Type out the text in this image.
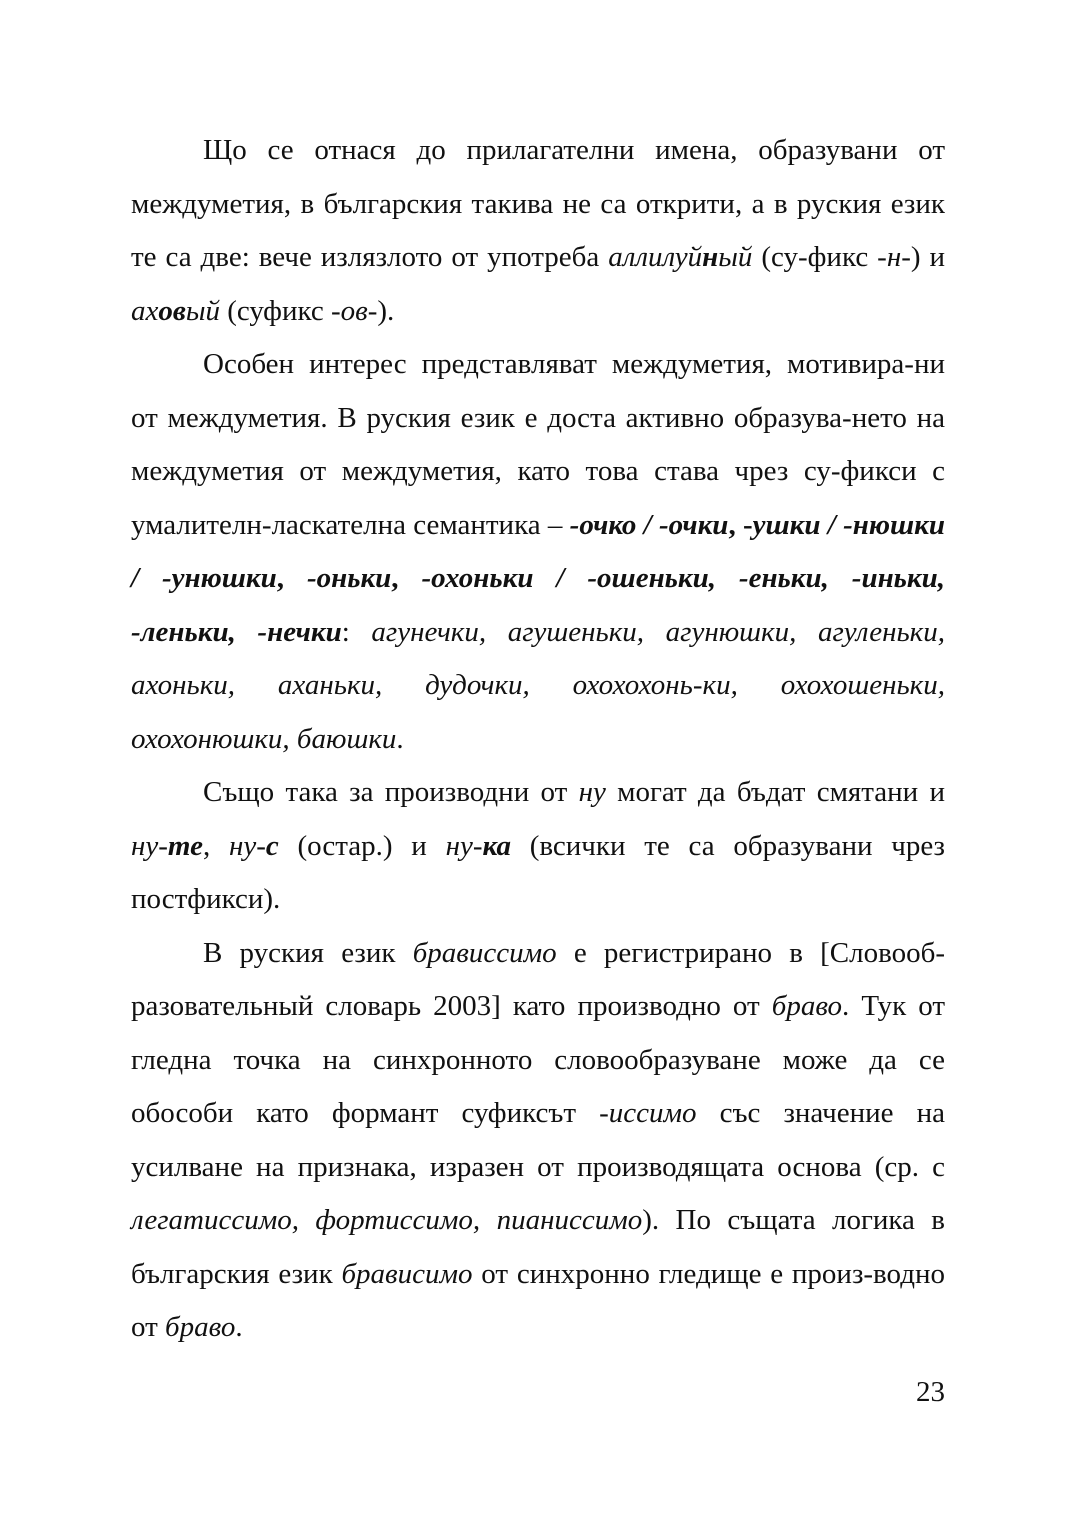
Що се отнася до прилагателни имена, образувани от междуметия, в българския такива не са открити, а в руския език те са две: вече излязлото от употреба аллилуйный (су-фикс -н-) и аховый (суфикс -ов-).

Особен интерес представляват междуметия, мотивира-ни от междуметия. В руския език е доста активно образува-нето на междуметия от междуметия, като това става чрез су-фикси с умалителн-ласкателна семантика – -очко / -очки, -ушки / -нюшки / -унюшки, -оньки, -охоньки / -ошеньки, -еньки, -иньки, -леньки, -нечки: агунечки, агушеньки, агунюшки, агуленьки, ахоньки, аханьки, дудочки, охохохонь-ки, охохошеньки, охохонюшки, баюшки.

Също така за производни от ну могат да бъдат смятани и ну-те, ну-с (остар.) и ну-ка (всички те са образувани чрез постфикси).

В руския език брависсимо е регистрирано в [Словооб-разовательный словарь 2003] като производно от браво. Тук от гледна точка на синхронното словообразуване може да се обособи като формант суфиксът -иссимо със значение на усилване на признака, изразен от производящата основа (ср. с легатиссимо, фортиссимо, пианиссимо). По същата логика в българския език брависимо от синхронно гледище е произ-водно от браво.

23
